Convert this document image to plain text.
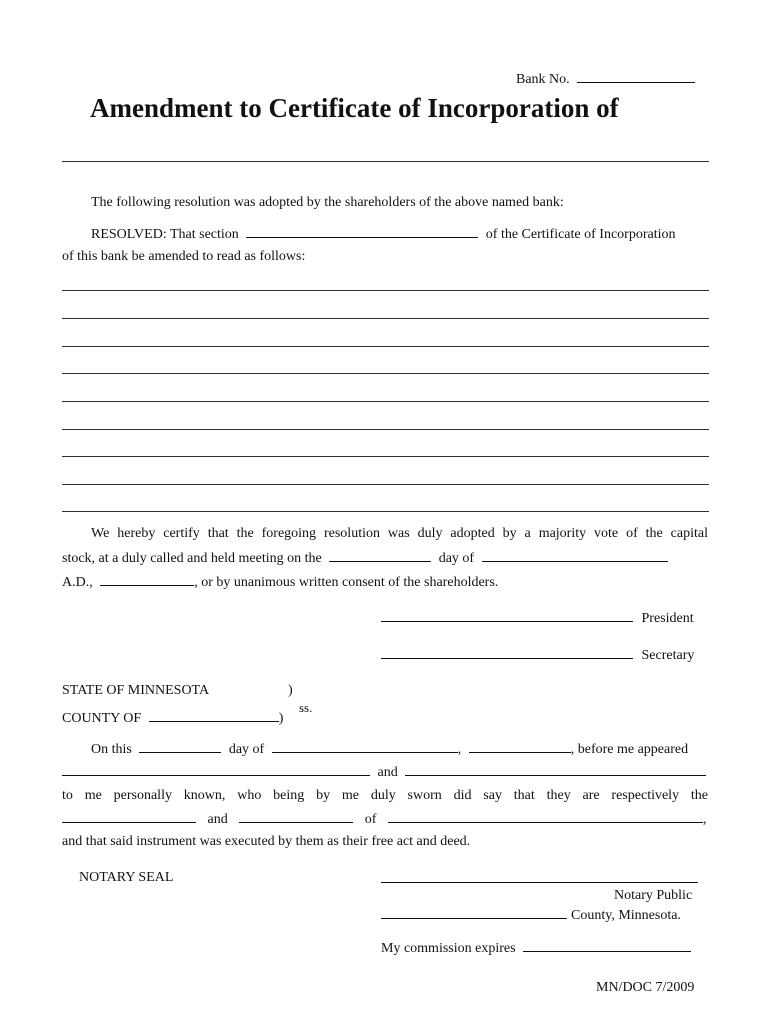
Bank No.
Amendment to Certificate of Incorporation of
The following resolution was adopted by the shareholders of the above named bank:
RESOLVED: That section	of the Certificate of Incorporation
of this bank be amended to read as follows:
We hereby certify that the foregoing resolution was duly adopted by a majority vote of the capital
stock, at a duly called and held meeting on the	day of
A.D.,	, or by unanimous written consent of the shareholders.
President
Secretary
STATE OF MINNESOTA	)
COUNTY OF	)
ss.
On this	day of	,	, before me appeared
and
to me personally known, who being by me duly sworn did say that they are respectively the
and	of	,
and that said instrument was executed by them as their free act and deed.
NOTARY SEAL
Notary Public
County, Minnesota.
My commission expires
MN/DOC 7/2009
